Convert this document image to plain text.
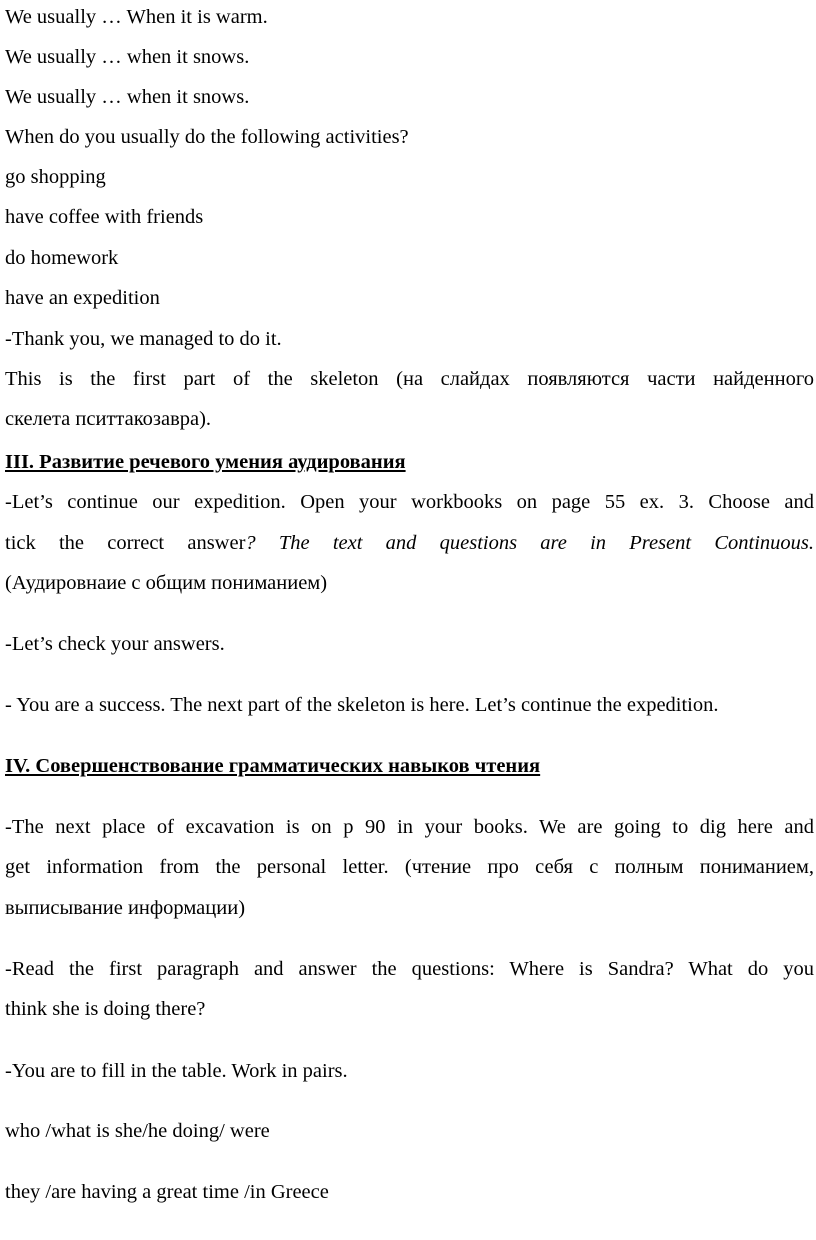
We usually … When it is warm.
We usually … when it snows.
We usually … when it snows.
When do you usually do the following activities?
go shopping
have coffee with friends
do homework
have an expedition
-Thank you, we managed to do it.
This is the first part of the skeleton (на слайдах появляются части найденного
скелета пситтакозавра).
III. Развитие речевого умения аудирования
-Let’s continue our expedition. Open your workbooks on page 55 ex. 3. Choose and
tick the correct answer? The text and questions are in Present Continuous.
(Аудировнаие с общим пониманием)
-Let’s check your answers.
- You are a success. The next part of the skeleton is here. Let’s continue the expedition.
IV. Совершенствование грамматических навыков чтения
-The next place of excavation is on p 90 in your books. We are going to dig here and
get information from the personal letter. (чтение про себя с полным пониманием,
выписывание информации)
-Read the first paragraph and answer the questions: Where is Sandra? What do you
think she is doing there?
-You are to fill in the table. Work in pairs.
who /what is she/he doing/ were
they /are having a great time /in Greece
